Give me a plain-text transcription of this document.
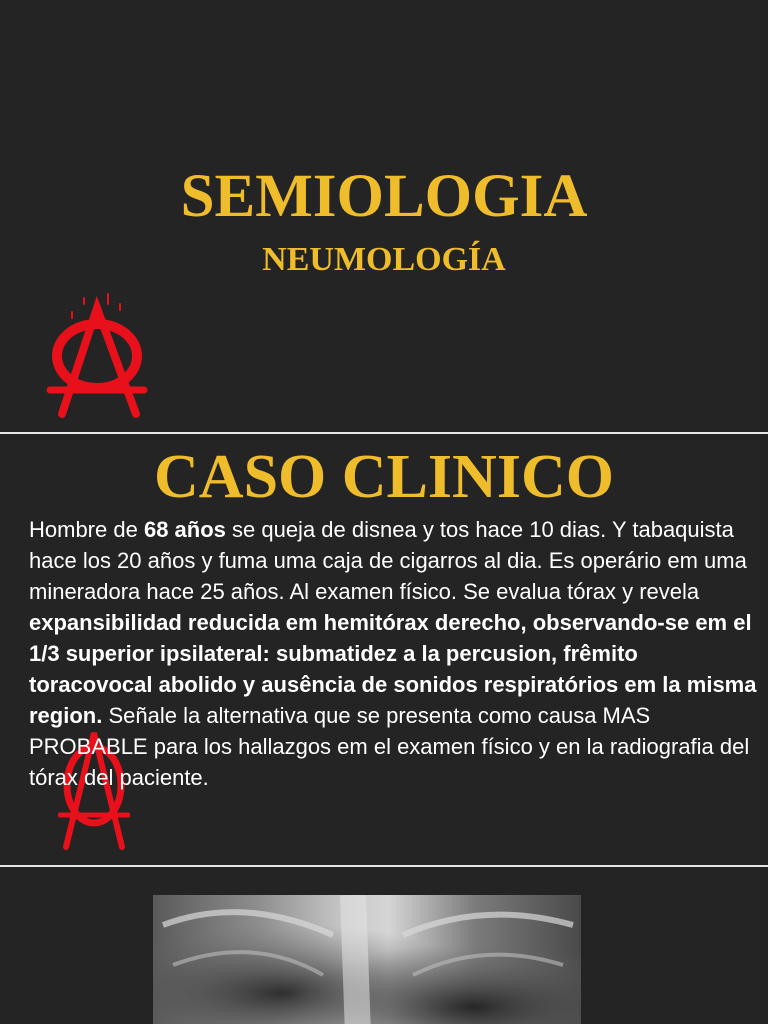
SEMIOLOGIA
NEUMOLOGÍA
CASO CLINICO

Hombre de 68 años se queja de disnea y tos hace 10 dias. Y tabaquista hace los 20 años y fuma uma caja de cigarros al dia. Es operário em uma mineradora hace 25 años. Al examen físico. Se evalua tórax y revela expansibilidad reducida em hemitórax derecho, observando-se em el 1/3 superior ipsilateral: submatidez a la percusion, frêmito toracovocal abolido y ausência de sonidos respiratórios em la misma region. Señale la alternativa que se presenta como causa MAS PROBABLE para los hallazgos em el examen físico y en la radiografia del tórax del paciente.
